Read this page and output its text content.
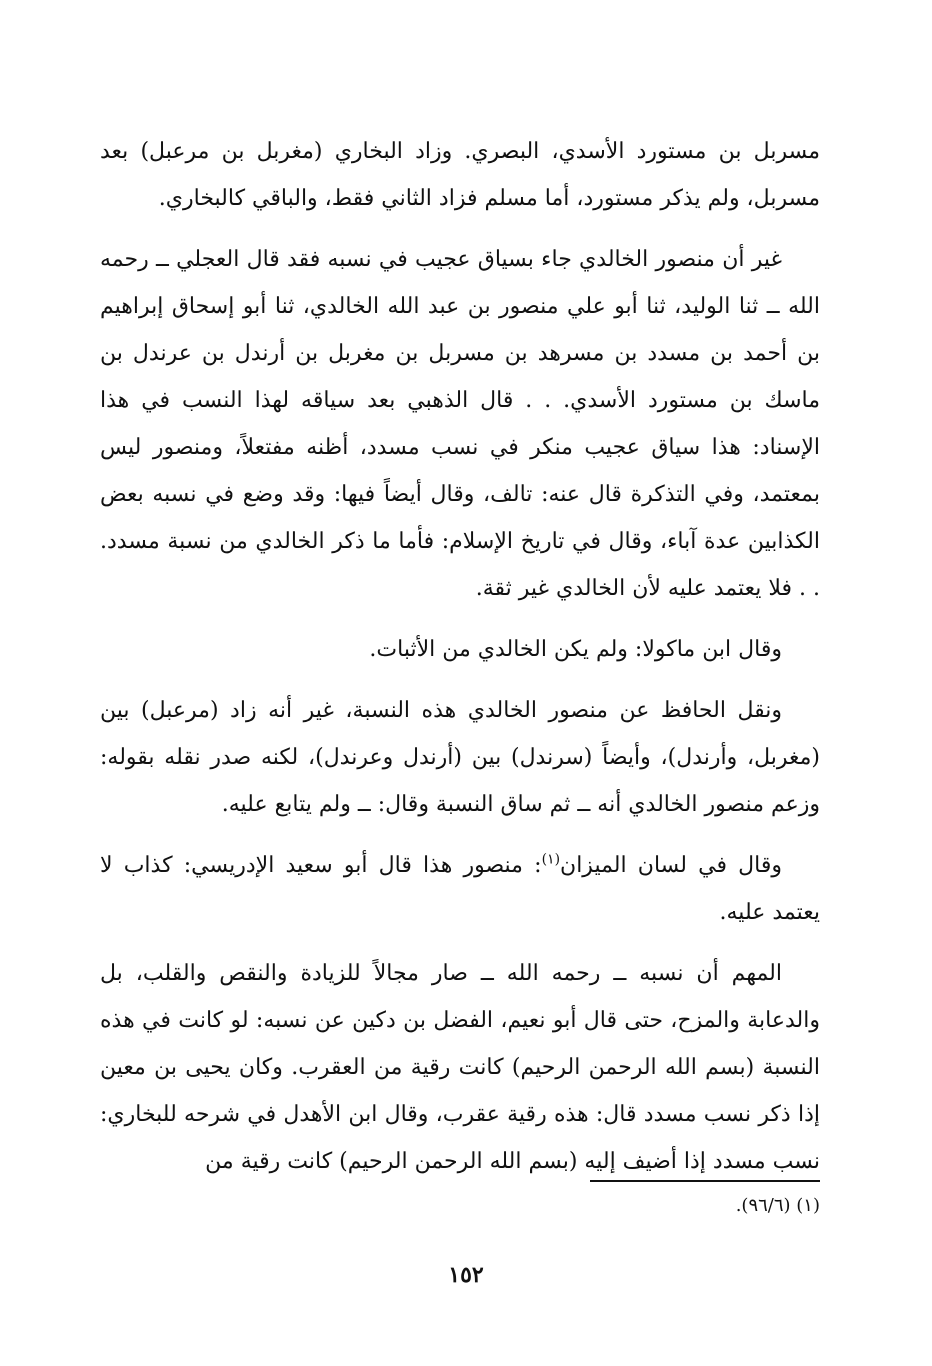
مسربل بن مستورد الأسدي، البصري. وزاد البخاري (مغربل بن مرعبل) بعد مسربل، ولم يذكر مستورد، أما مسلم فزاد الثاني فقط، والباقي كالبخاري.

غير أن منصور الخالدي جاء بسياق عجيب في نسبه فقد قال العجلي ــ رحمه الله ــ ثنا الوليد، ثنا أبو علي منصور بن عبد الله الخالدي، ثنا أبو إسحاق إبراهيم بن أحمد بن مسدد بن مسرهد بن مسربل بن مغربل بن أرندل بن عرندل بن ماسك بن مستورد الأسدي. . . قال الذهبي بعد سياقه لهذا النسب في هذا الإسناد: هذا سياق عجيب منكر في نسب مسدد، أظنه مفتعلاً، ومنصور ليس بمعتمد، وفي التذكرة قال عنه: تالف، وقال أيضاً فيها: وقد وضع في نسبه بعض الكذابين عدة آباء، وقال في تاريخ الإسلام: فأما ما ذكر الخالدي من نسبة مسدد. . . فلا يعتمد عليه لأن الخالدي غير ثقة.

وقال ابن ماكولا: ولم يكن الخالدي من الأثبات.

ونقل الحافظ عن منصور الخالدي هذه النسبة، غير أنه زاد (مرعبل) بين (مغربل، وأرندل)، وأيضاً (سرندل) بين (أرندل وعرندل)، لكنه صدر نقله بقوله: وزعم منصور الخالدي أنه ــ ثم ساق النسبة وقال: ــ ولم يتابع عليه.

وقال في لسان الميزان$^{(١)}$: منصور هذا قال أبو سعيد الإدريسي: كذاب لا يعتمد عليه.

المهم أن نسبه ــ رحمه الله ــ صار مجالاً للزيادة والنقص والقلب، بل والدعابة والمزح، حتى قال أبو نعيم، الفضل بن دكين عن نسبه: لو كانت في هذه النسبة (بسم الله الرحمن الرحيم) كانت رقية من العقرب. وكان يحيى بن معين إذا ذكر نسب مسدد قال: هذه رقية عقرب، وقال ابن الأهدل في شرحه للبخاري: نسب مسدد إذا أضيف إليه (بسم الله الرحمن الرحيم) كانت رقية من

(١) (٩٦/٦).
١٥٢
